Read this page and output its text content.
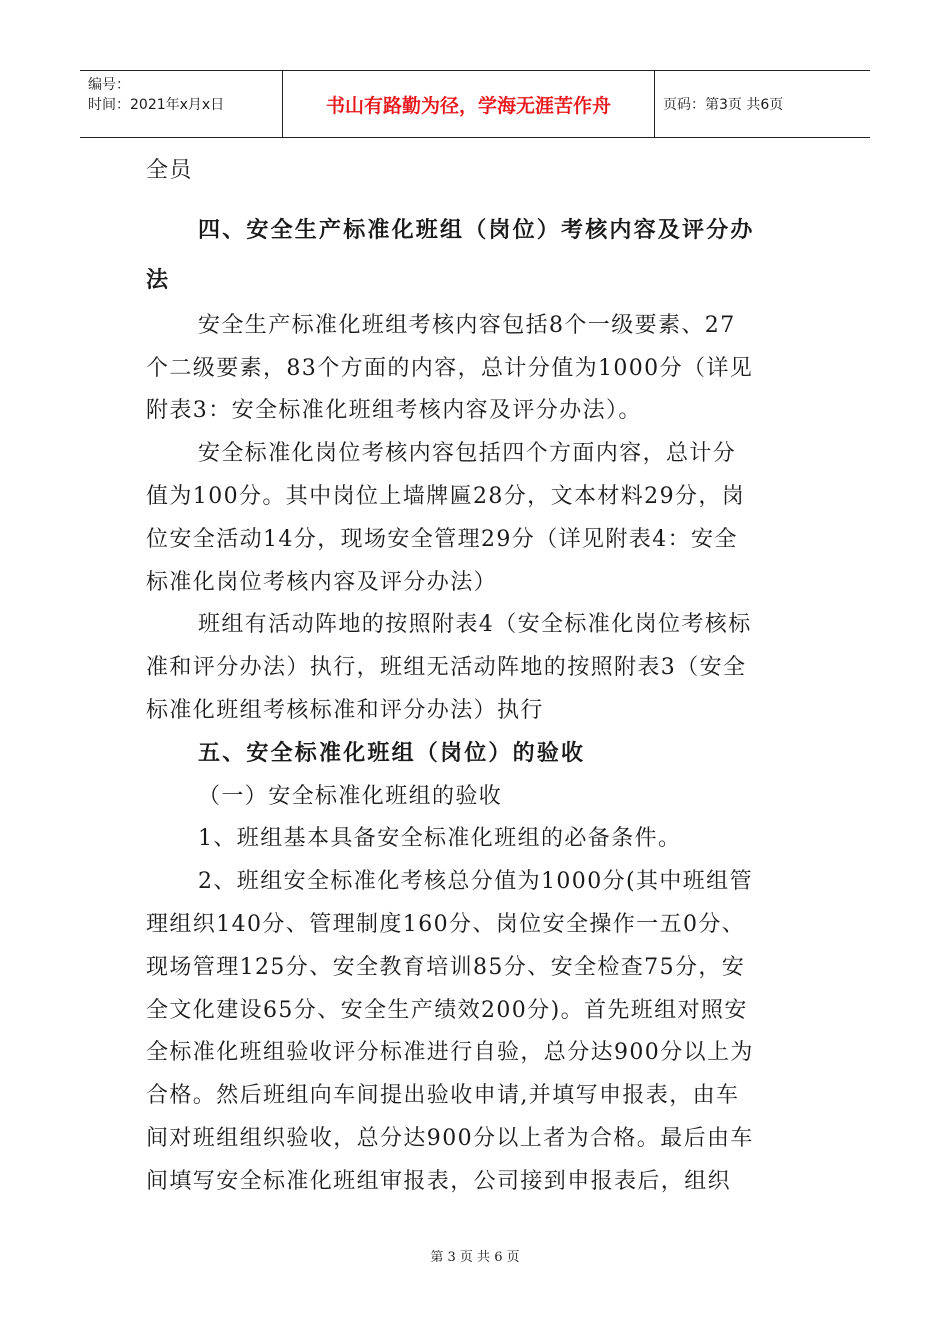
编号：
时间：2021年x月x日	书山有路勤为径，学海无涯苦作舟	页码：第3页 共6页
全员
四、安全生产标准化班组（岗位）考核内容及评分办
法
安全生产标准化班组考核内容包括8个一级要素、27
个二级要素，83个方面的内容，总计分值为1000分（详见
附表3：安全标准化班组考核内容及评分办法）。
安全标准化岗位考核内容包括四个方面内容，总计分
值为100分。其中岗位上墙牌匾28分，文本材料29分，岗
位安全活动14分，现场安全管理29分（详见附表4：安全
标准化岗位考核内容及评分办法）
班组有活动阵地的按照附表4（安全标准化岗位考核标
准和评分办法）执行，班组无活动阵地的按照附表3（安全
标准化班组考核标准和评分办法）执行
五、安全标准化班组（岗位）的验收
（一）安全标准化班组的验收
1、班组基本具备安全标准化班组的必备条件。
2、班组安全标准化考核总分值为1000分(其中班组管
理组织140分、管理制度160分、岗位安全操作一五0分、
现场管理125分、安全教育培训85分、安全检查75分，安
全文化建设65分、安全生产绩效200分)。首先班组对照安
全标准化班组验收评分标准进行自验，总分达900分以上为
合格。然后班组向车间提出验收申请,并填写申报表，由车
间对班组组织验收，总分达900分以上者为合格。最后由车
间填写安全标准化班组审报表，公司接到申报表后，组织
第 3 页 共 6 页
